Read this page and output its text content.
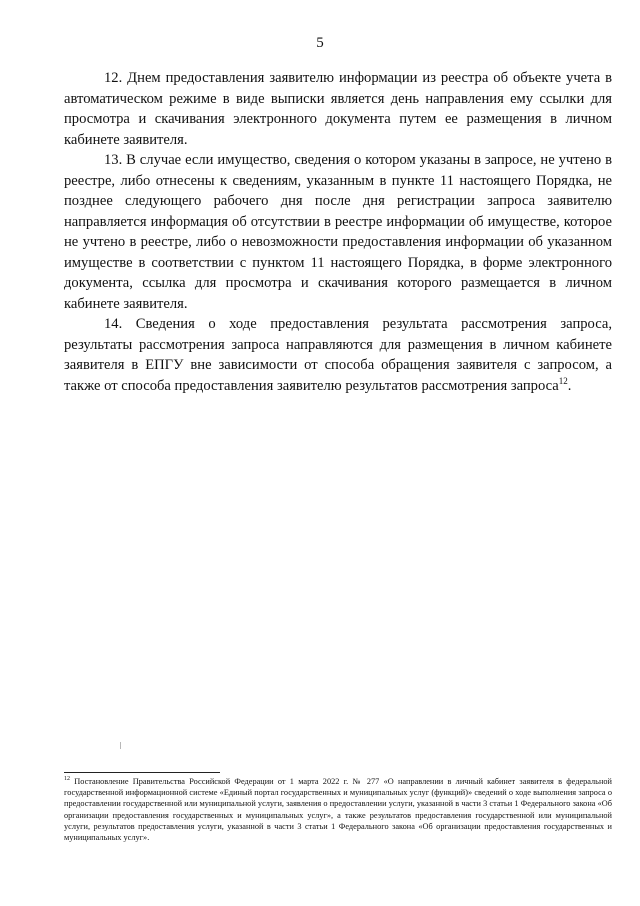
5

12. Днем предоставления заявителю информации из реестра об объекте учета в автоматическом режиме в виде выписки является день направления ему ссылки для просмотра и скачивания электронного документа путем ее размещения в личном кабинете заявителя.

13. В случае если имущество, сведения о котором указаны в запросе, не учтено в реестре, либо отнесены к сведениям, указанным в пункте 11 настоящего Порядка, не позднее следующего рабочего дня после дня регистрации запроса заявителю направляется информация об отсутствии в реестре информации об имуществе, которое не учтено в реестре, либо о невозможности предоставления информации об указанном имуществе в соответствии с пунктом 11 настоящего Порядка, в форме электронного документа, ссылка для просмотра и скачивания которого размещается в личном кабинете заявителя.

14. Сведения о ходе предоставления результата рассмотрения запроса, результаты рассмотрения запроса направляются для размещения в личном кабинете заявителя в ЕПГУ вне зависимости от способа обращения заявителя с запросом, а также от способа предоставления заявителю результатов рассмотрения запроса$^{12}$.

$^{12}$ Постановление Правительства Российской Федерации от 1 марта 2022 г. № 277 «О направлении в личный кабинет заявителя в федеральной государственной информационной системе «Единый портал государственных и муниципальных услуг (функций)» сведений о ходе выполнения запроса о предоставлении государственной или муниципальной услуги, заявления о предоставлении услуги, указанной в части 3 статьи 1 Федерального закона «Об организации предоставления государственных и муниципальных услуг», а также результатов предоставления государственной или муниципальной услуги, результатов предоставления услуги, указанной в части 3 статьи 1 Федерального закона «Об организации предоставления государственных и муниципальных услуг».
